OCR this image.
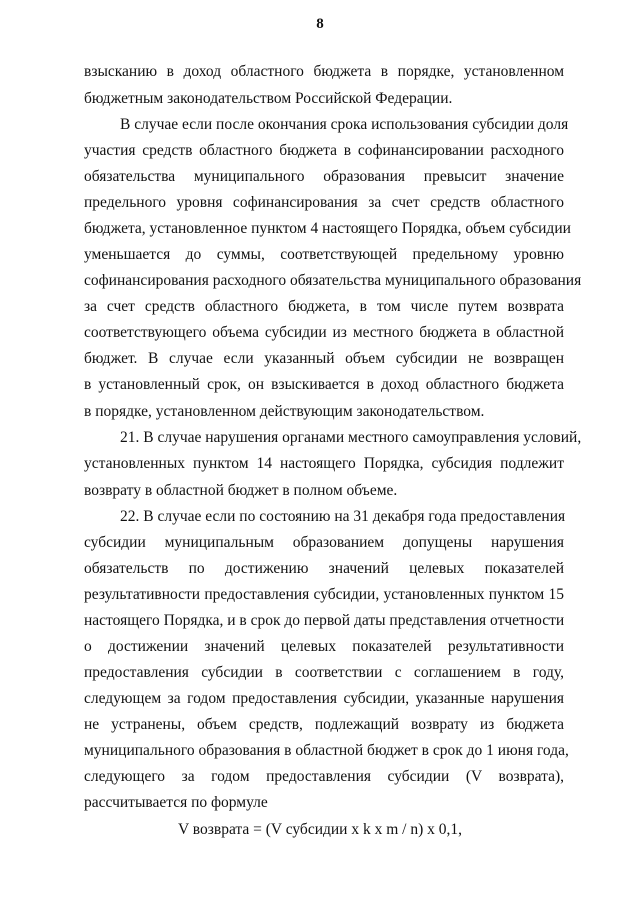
8
взысканию в доход областного бюджета в порядке, установленном
бюджетным законодательством Российской Федерации.
В случае если после окончания срока использования субсидии доля
участия средств областного бюджета в софинансировании расходного
обязательства муниципального образования превысит значение
предельного уровня софинансирования за счет средств областного
бюджета, установленное пунктом 4 настоящего Порядка, объем субсидии
уменьшается до суммы, соответствующей предельному уровню
софинансирования расходного обязательства муниципального образования
за счет средств областного бюджета, в том числе путем возврата
соответствующего объема субсидии из местного бюджета в областной
бюджет. В случае если указанный объем субсидии не возвращен
в установленный срок, он взыскивается в доход областного бюджета
в порядке, установленном действующим законодательством.
21. В случае нарушения органами местного самоуправления условий,
установленных пунктом 14 настоящего Порядка, субсидия подлежит
возврату в областной бюджет в полном объеме.
22. В случае если по состоянию на 31 декабря года предоставления
субсидии муниципальным образованием допущены нарушения
обязательств по достижению значений целевых показателей
результативности предоставления субсидии, установленных пунктом 15
настоящего Порядка, и в срок до первой даты представления отчетности
о достижении значений целевых показателей результативности
предоставления субсидии в соответствии с соглашением в году,
следующем за годом предоставления субсидии, указанные нарушения
не устранены, объем средств, подлежащий возврату из бюджета
муниципального образования в областной бюджет в срок до 1 июня года,
следующего за годом предоставления субсидии (V возврата),
рассчитывается по формуле
V возврата = (V субсидии x k x m / n) x 0,1,
